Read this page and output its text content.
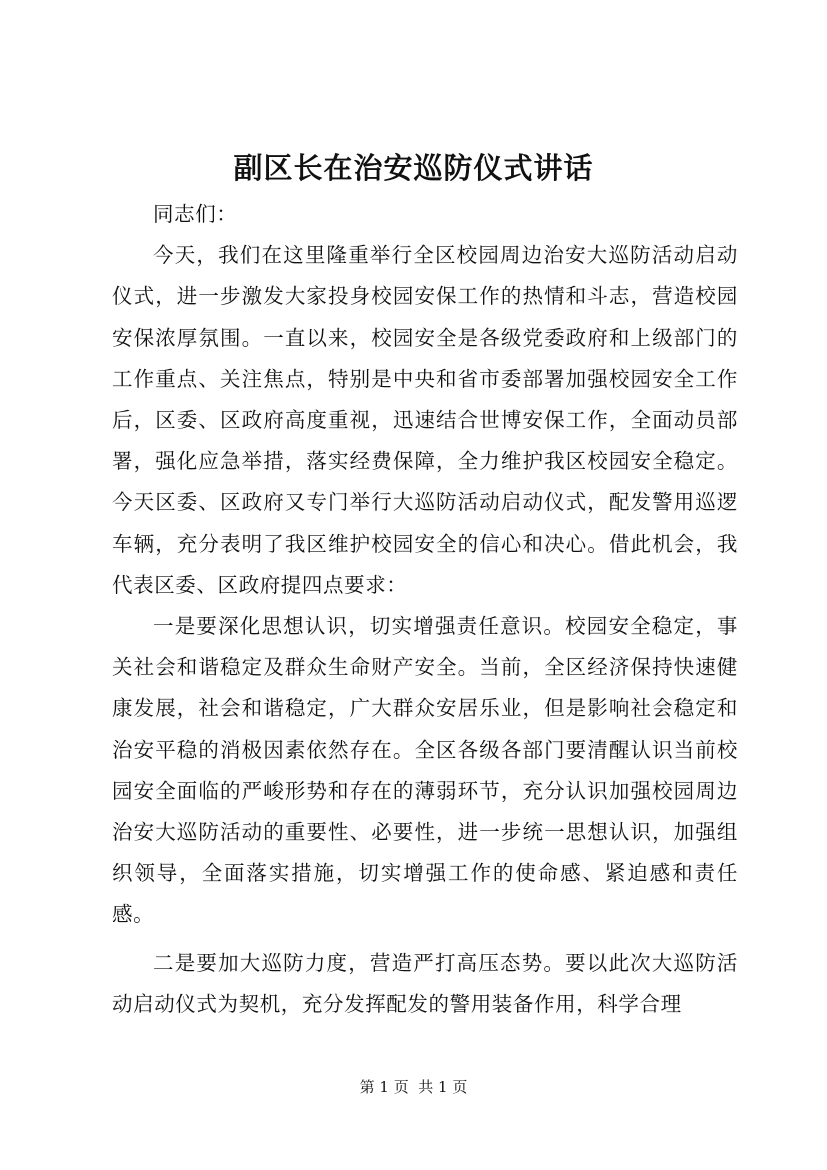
副区长在治安巡防仪式讲话

同志们：

今天，我们在这里隆重举行全区校园周边治安大巡防活动启动仪式，进一步激发大家投身校园安保工作的热情和斗志，营造校园安保浓厚氛围。一直以来，校园安全是各级党委政府和上级部门的工作重点、关注焦点，特别是中央和省市委部署加强校园安全工作后，区委、区政府高度重视，迅速结合世博安保工作，全面动员部署，强化应急举措，落实经费保障，全力维护我区校园安全稳定。今天区委、区政府又专门举行大巡防活动启动仪式，配发警用巡逻车辆，充分表明了我区维护校园安全的信心和决心。借此机会，我代表区委、区政府提四点要求：

一是要深化思想认识，切实增强责任意识。校园安全稳定，事关社会和谐稳定及群众生命财产安全。当前，全区经济保持快速健康发展，社会和谐稳定，广大群众安居乐业，但是影响社会稳定和治安平稳的消极因素依然存在。全区各级各部门要清醒认识当前校园安全面临的严峻形势和存在的薄弱环节，充分认识加强校园周边治安大巡防活动的重要性、必要性，进一步统一思想认识，加强组织领导，全面落实措施，切实增强工作的使命感、紧迫感和责任感。

二是要加大巡防力度，营造严打高压态势。要以此次大巡防活动启动仪式为契机，充分发挥配发的警用装备作用，科学合理

第 1 页  共 1 页
